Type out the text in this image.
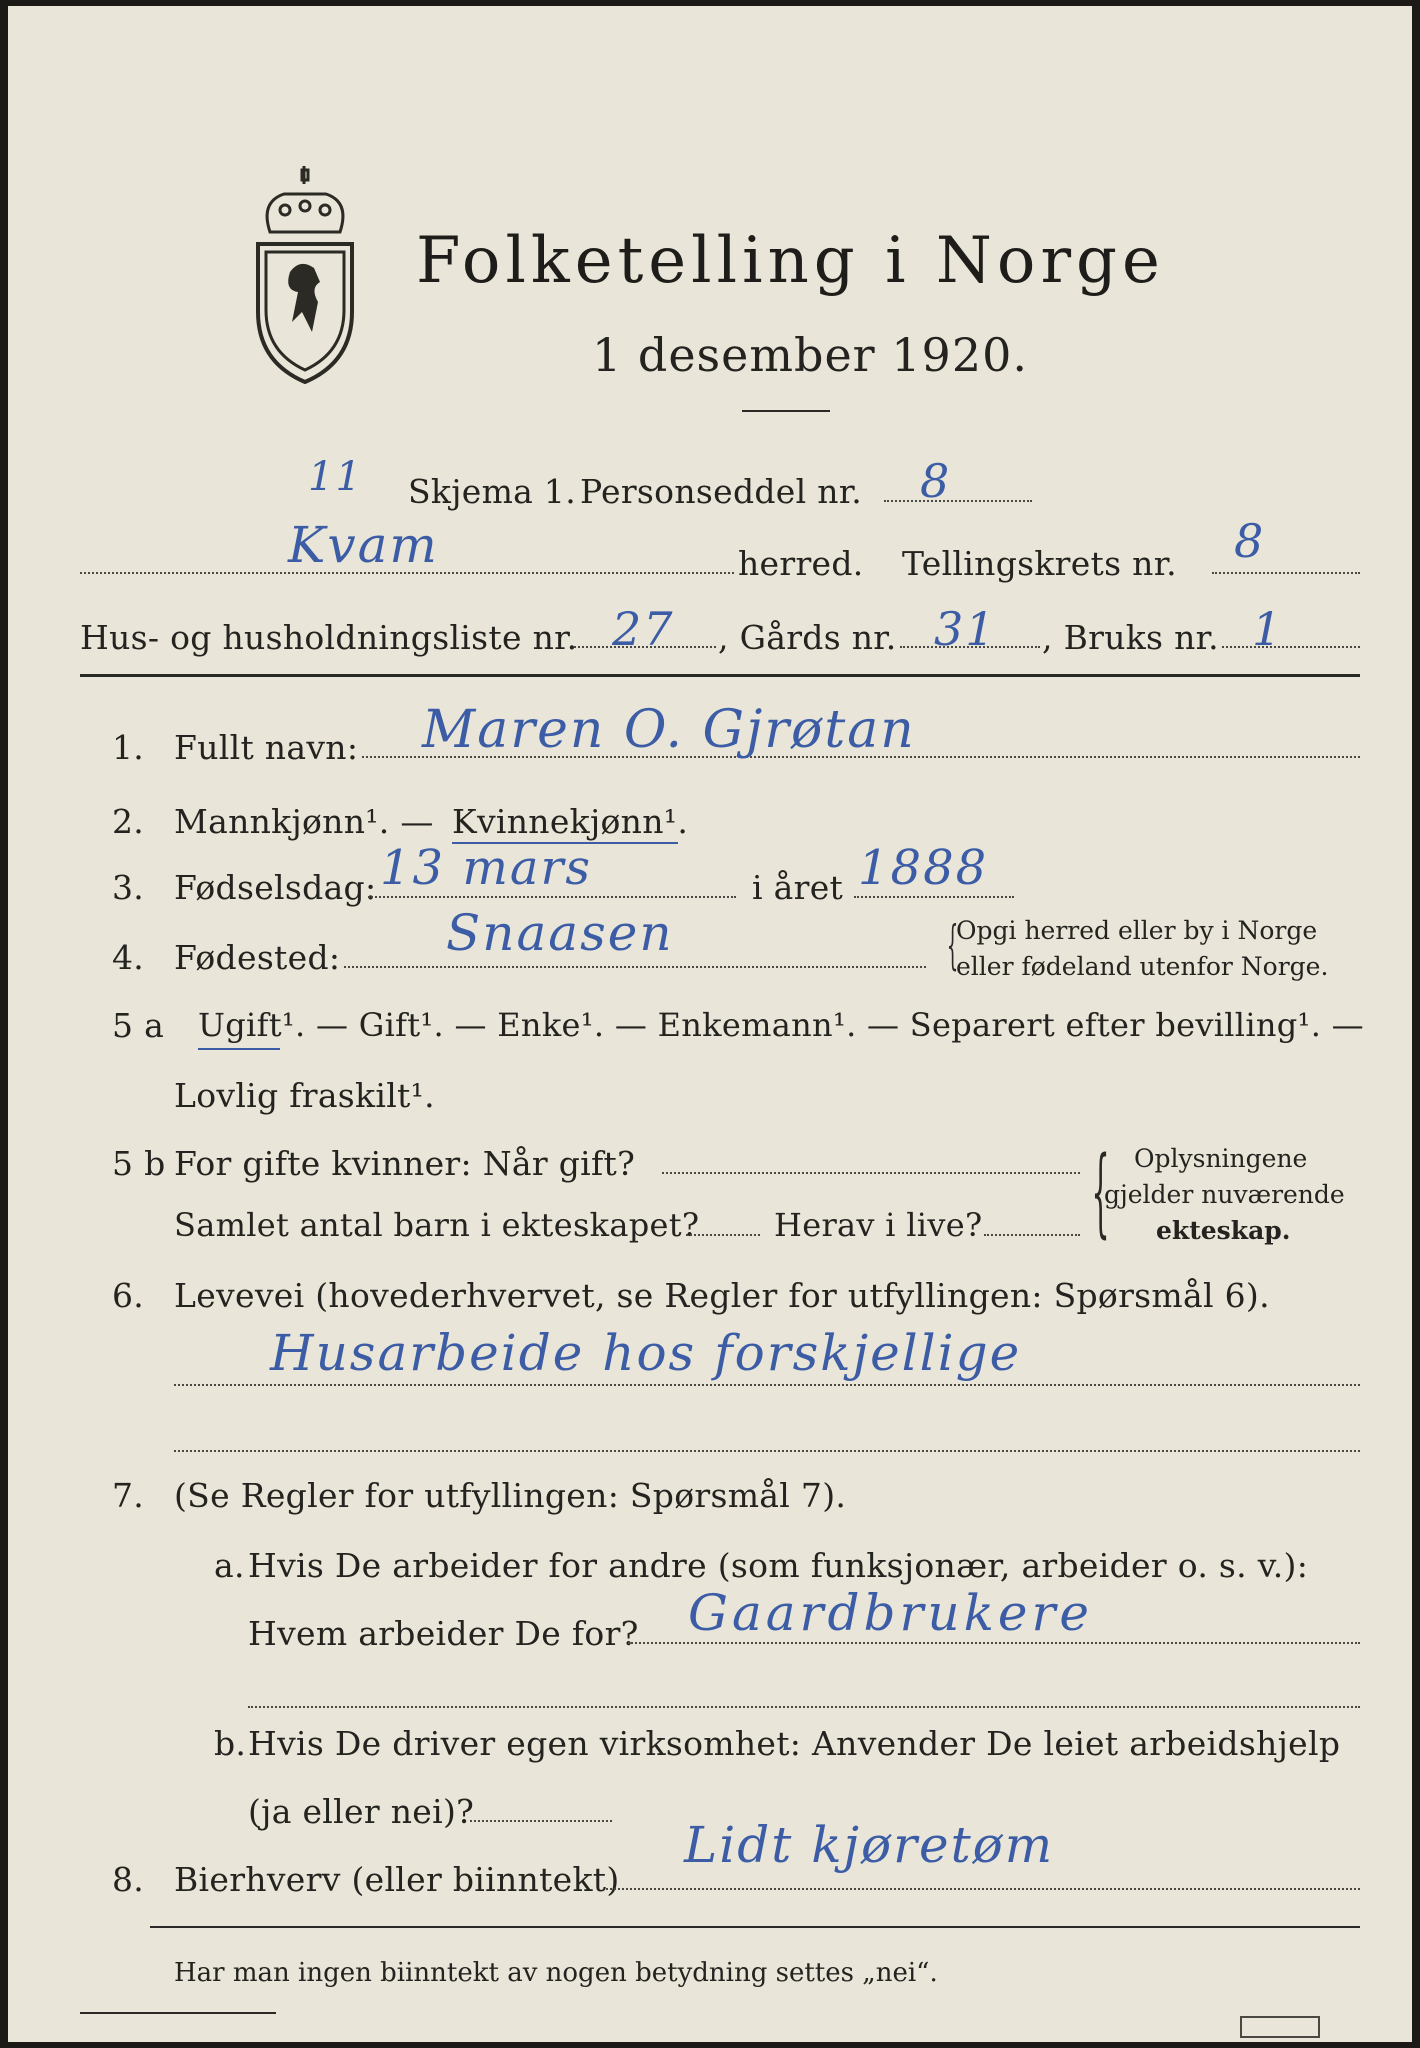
Folketelling i Norge
1 desember 1920.
11 Skjema 1. Personseddel nr. 8
Kvam	herred. Tellingskrets nr. 8
Hus- og husholdningsliste nr. 27 , Gårds nr. 31 , Bruks nr. 1
1. Fullt navn: Maren O. Gjrøtan
2. Mannkjønn¹. — Kvinnekjønn¹.
3. Fødselsdag: 13 mars	i året 1888
4. Fødested: Snaasen	{
Opgi herred eller by i Norge
eller fødeland utenfor Norge.
5 a Ugift¹. — Gift¹. — Enke¹. — Enkemann¹. — Separert efter bevilling¹. —
Lovlig fraskilt¹.
5 b For gifte kvinner: Når gift?
Samlet antal barn i ekteskapet? Herav i live? { Oplysningene
gjelder nuværende
ekteskap.
6. Levevei (hovederhvervet, se Regler for utfyllingen: Spørsmål 6).
Husarbeide hos forskjellige
7. (Se Regler for utfyllingen: Spørsmål 7).
a. Hvis De arbeider for andre (som funksjonær, arbeider o. s. v.):
Hvem arbeider De for? Gaardbrukere
b. Hvis De driver egen virksomhet: Anvender De leiet arbeidshjelp
(ja eller nei)?
8. Bierhverv (eller biinntekt)
Lidt kjøretøm
Har man ingen biinntekt av nogen betydning settes „nei“.
